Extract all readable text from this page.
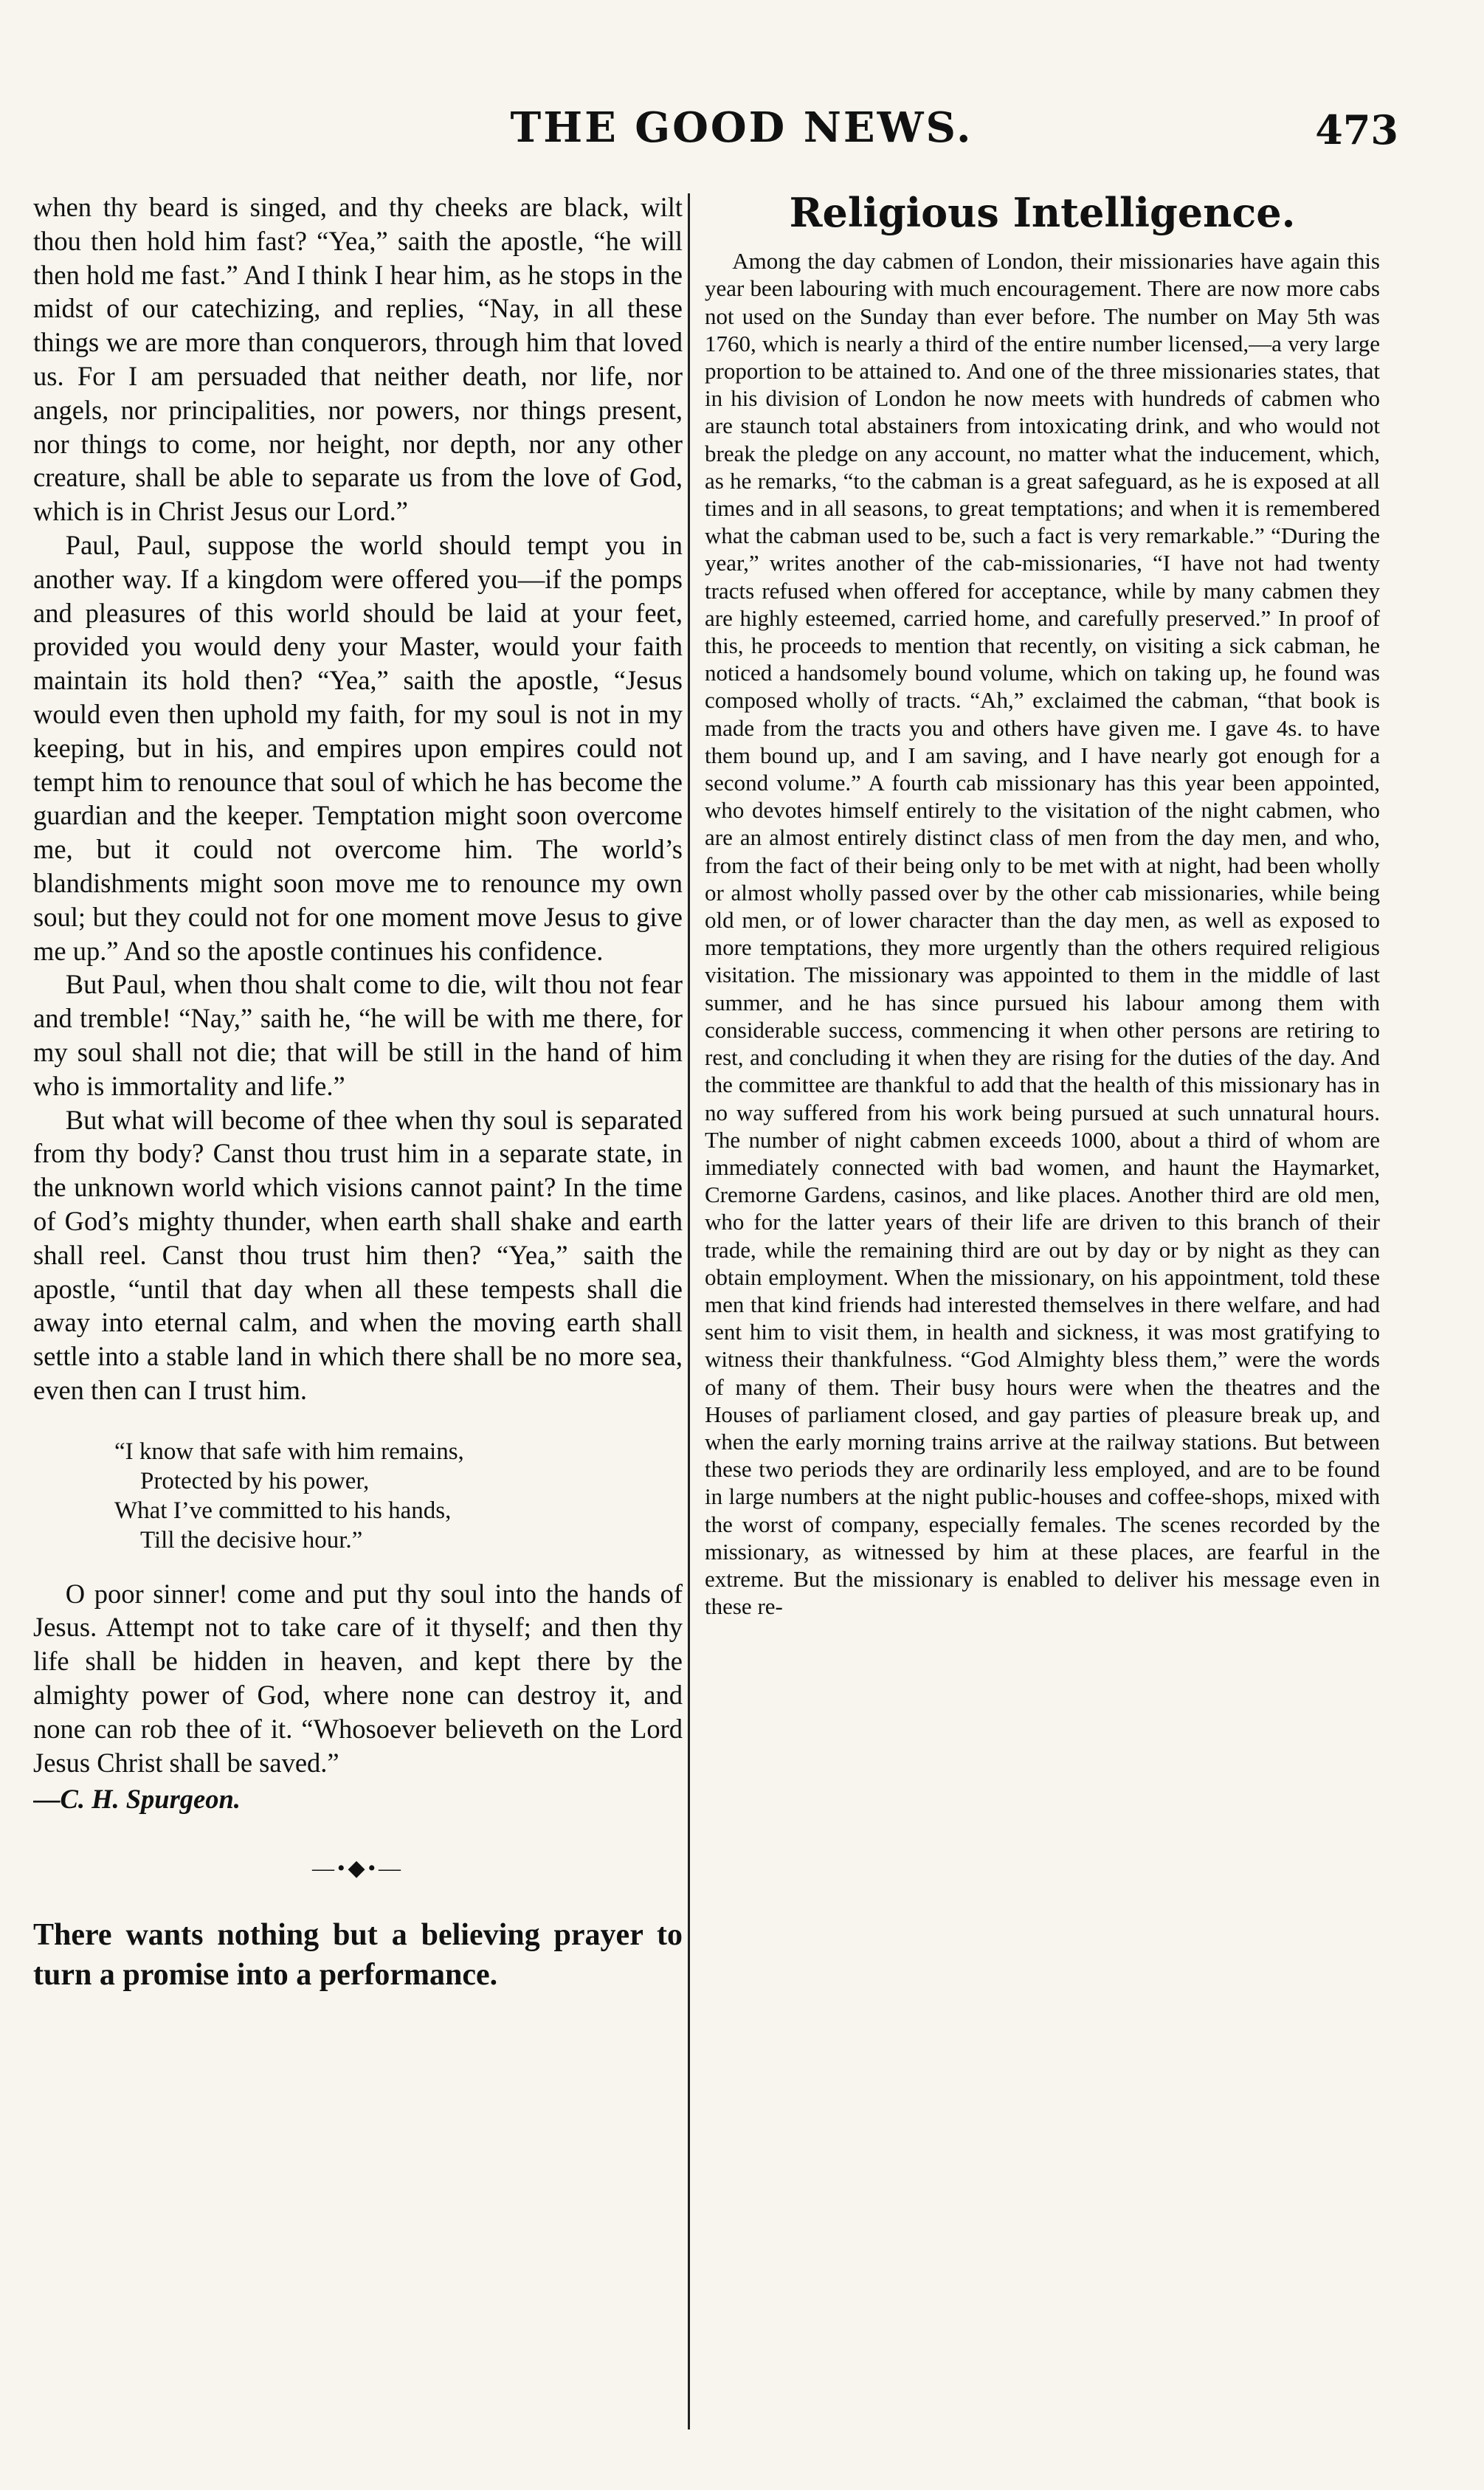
THE GOOD NEWS.	473

when thy beard is singed, and thy cheeks are black, wilt thou then hold him fast? “Yea,” saith the apostle, “he will then hold me fast.” And I think I hear him, as he stops in the midst of our catechizing, and replies, “Nay, in all these things we are more than conquerors, through him that loved us. For I am persuaded that neither death, nor life, nor angels, nor principalities, nor powers, nor things present, nor things to come, nor height, nor depth, nor any other creature, shall be able to separate us from the love of God, which is in Christ Jesus our Lord.”

Paul, Paul, suppose the world should tempt you in another way. If a kingdom were offered you—if the pomps and pleasures of this world should be laid at your feet, provided you would deny your Master, would your faith maintain its hold then? “Yea,” saith the apostle, “Jesus would even then uphold my faith, for my soul is not in my keeping, but in his, and empires upon empires could not tempt him to renounce that soul of which he has become the guardian and the keeper. Temptation might soon overcome me, but it could not overcome him. The world’s blandishments might soon move me to renounce my own soul; but they could not for one moment move Jesus to give me up.” And so the apostle continues his confidence.

But Paul, when thou shalt come to die, wilt thou not fear and tremble! “Nay,” saith he, “he will be with me there, for my soul shall not die; that will be still in the hand of him who is immortality and life.”

But what will become of thee when thy soul is separated from thy body? Canst thou trust him in a separate state, in the unknown world which visions cannot paint? In the time of God’s mighty thunder, when earth shall shake and earth shall reel. Canst thou trust him then? “Yea,” saith the apostle, “until that day when all these tempests shall die away into eternal calm, and when the moving earth shall settle into a stable land in which there shall be no more sea, even then can I trust him.

“I know that safe with him remains,
Protected by his power,
What I’ve committed to his hands,
Till the decisive hour.”

O poor sinner! come and put thy soul into the hands of Jesus. Attempt not to take care of it thyself; and then thy life shall be hidden in heaven, and kept there by the almighty power of God, where none can destroy it, and none can rob thee of it. “Whosoever believeth on the Lord Jesus Christ shall be saved.”

—C. H. Spurgeon.
—•◆•—
There wants nothing but a believing prayer to turn a promise into a performance.
Religious Intelligence.

Among the day cabmen of London, their missionaries have again this year been labouring with much encouragement. There are now more cabs not used on the Sunday than ever before. The number on May 5th was 1760, which is nearly a third of the entire number licensed,—a very large proportion to be attained to. And one of the three missionaries states, that in his division of London he now meets with hundreds of cabmen who are staunch total abstainers from intoxicating drink, and who would not break the pledge on any account, no matter what the inducement, which, as he remarks, “to the cabman is a great safeguard, as he is exposed at all times and in all seasons, to great temptations; and when it is remembered what the cabman used to be, such a fact is very remarkable.” “During the year,” writes another of the cab-missionaries, “I have not had twenty tracts refused when offered for acceptance, while by many cabmen they are highly esteemed, carried home, and carefully preserved.” In proof of this, he proceeds to mention that recently, on visiting a sick cabman, he noticed a handsomely bound volume, which on taking up, he found was composed wholly of tracts. “Ah,” exclaimed the cabman, “that book is made from the tracts you and others have given me. I gave 4s. to have them bound up, and I am saving, and I have nearly got enough for a second volume.” A fourth cab missionary has this year been appointed, who devotes himself entirely to the visitation of the night cabmen, who are an almost entirely distinct class of men from the day men, and who, from the fact of their being only to be met with at night, had been wholly or almost wholly passed over by the other cab missionaries, while being old men, or of lower character than the day men, as well as exposed to more temptations, they more urgently than the others required religious visitation. The missionary was appointed to them in the middle of last summer, and he has since pursued his labour among them with considerable success, commencing it when other persons are retiring to rest, and concluding it when they are rising for the duties of the day. And the committee are thankful to add that the health of this missionary has in no way suffered from his work being pursued at such unnatural hours. The number of night cabmen exceeds 1000, about a third of whom are immediately connected with bad women, and haunt the Haymarket, Cremorne Gardens, casinos, and like places. Another third are old men, who for the latter years of their life are driven to this branch of their trade, while the remaining third are out by day or by night as they can obtain employment. When the missionary, on his appointment, told these men that kind friends had interested themselves in there welfare, and had sent him to visit them, in health and sickness, it was most gratifying to witness their thankfulness. “God Almighty bless them,” were the words of many of them. Their busy hours were when the theatres and the Houses of parliament closed, and gay parties of pleasure break up, and when the early morning trains arrive at the railway stations. But between these two periods they are ordinarily less employed, and are to be found in large numbers at the night public-houses and coffee-shops, mixed with the worst of company, especially females. The scenes recorded by the missionary, as witnessed by him at these places, are fearful in the extreme. But the missionary is enabled to deliver his message even in these re-
